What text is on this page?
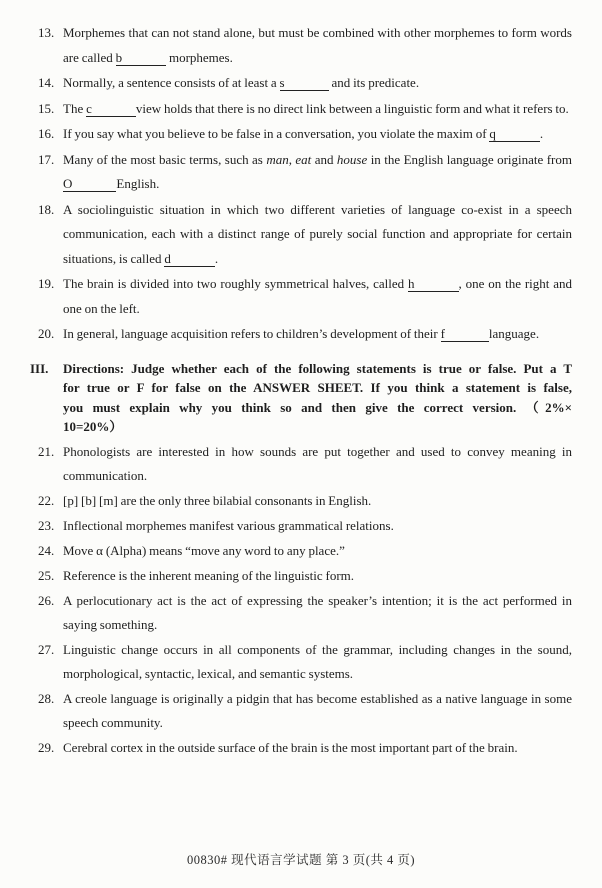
13. Morphemes that can not stand alone, but must be combined with other morphemes to form words are called b	morphemes.
14. Normally, a sentence consists of at least a s	and its predicate.
15. The c	view holds that there is no direct link between a linguistic form and what it refers to.
16. If you say what you believe to be false in a conversation, you violate the maxim of q	.
17. Many of the most basic terms, such as man, eat and house in the English language originate from O	English.
18. A sociolinguistic situation in which two different varieties of language co-exist in a speech communication, each with a distinct range of purely social function and appropriate for certain situations, is called d	.
19. The brain is divided into two roughly symmetrical halves, called h	, one on the right and one on the left.
20. In general, language acquisition refers to children’s development of their f	language.
III.	Directions: Judge whether each of the following statements is true or false. Put a T
for true or F for false on the ANSWER SHEET. If you think a statement is false,
you must explain why you think so and then give the correct version. （2%×
10=20%）
21. Phonologists are interested in how sounds are put together and used to convey meaning in communication.
22. [p] [b] [m] are the only three bilabial consonants in English.
23. Inflectional morphemes manifest various grammatical relations.
24. Move α (Alpha) means “move any word to any place.”
25. Reference is the inherent meaning of the linguistic form.
26. A perlocutionary act is the act of expressing the speaker’s intention; it is the act performed in saying something.
27. Linguistic change occurs in all components of the grammar, including changes in the sound, morphological, syntactic, lexical, and semantic systems.
28. A creole language is originally a pidgin that has become established as a native language in some speech community.
29. Cerebral cortex in the outside surface of the brain is the most important part of the brain.
00830# 现代语言学试题 第 3 页(共 4 页)
